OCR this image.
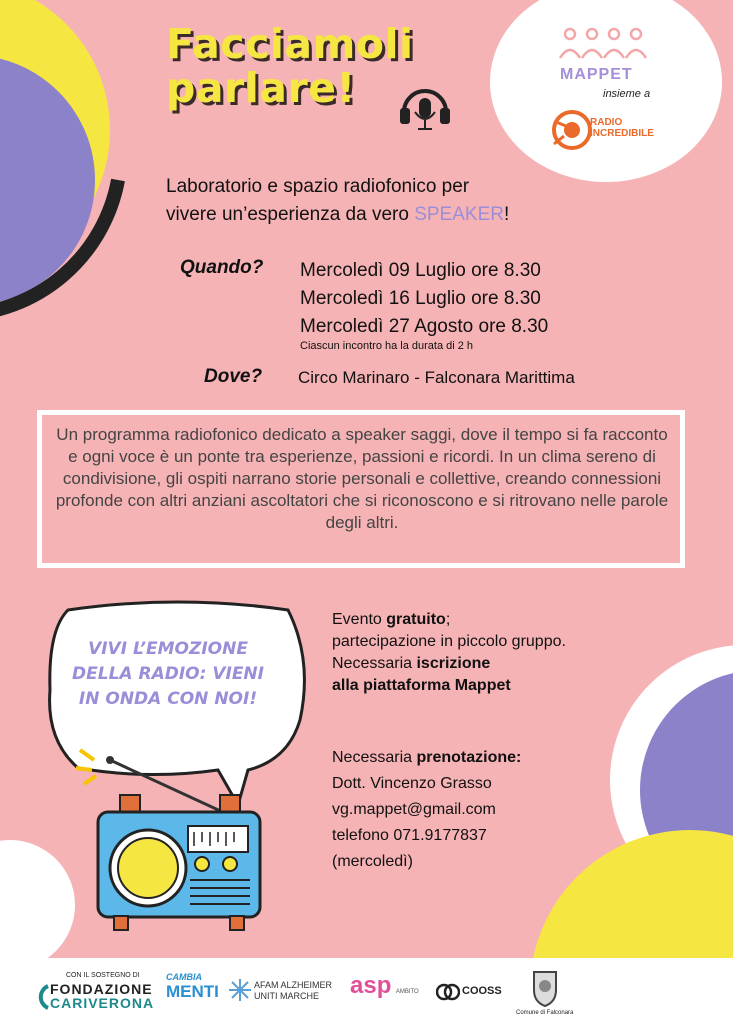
MAPPET
insieme a
RADIO
INCREDIBILE
Facciamoli
parlare!
Laboratorio e spazio radiofonico per
vivere un’esperienza da vero SPEAKER!
Quando? Mercoledì 09 Luglio ore 8.30
Mercoledì 16 Luglio ore 8.30
Mercoledì 27 Agosto ore 8.30
Ciascun incontro ha la durata di 2 h
Dove? Circo Marinaro - Falconara Marittima
Un programma radiofonico dedicato a speaker saggi, dove il tempo si fa racconto e ogni voce è un ponte tra esperienze, passioni e ricordi. In un clima sereno di condivisione, gli ospiti narrano storie personali e collettive, creando connessioni profonde con altri anziani ascoltatori che si riconoscono e si ritrovano nelle parole degli altri.
VIVI L’EMOZIONE
DELLA RADIO: VIENI
IN ONDA CON NOI!
Evento gratuito;
partecipazione in piccolo gruppo.
Necessaria iscrizione
alla piattaforma Mappet
Necessaria prenotazione:
Dott. Vincenzo Grasso
vg.mappet@gmail.com
telefono 071.9177837
(mercoledì)
CON IL SOSTEGNO DI
FONDAZIONE
CARIVERONA
CAMBIA
MENTI	AFAM ALZHEIMER
UNITI MARCHE	asp AMBITO	COOSS
Comune di Falconara
